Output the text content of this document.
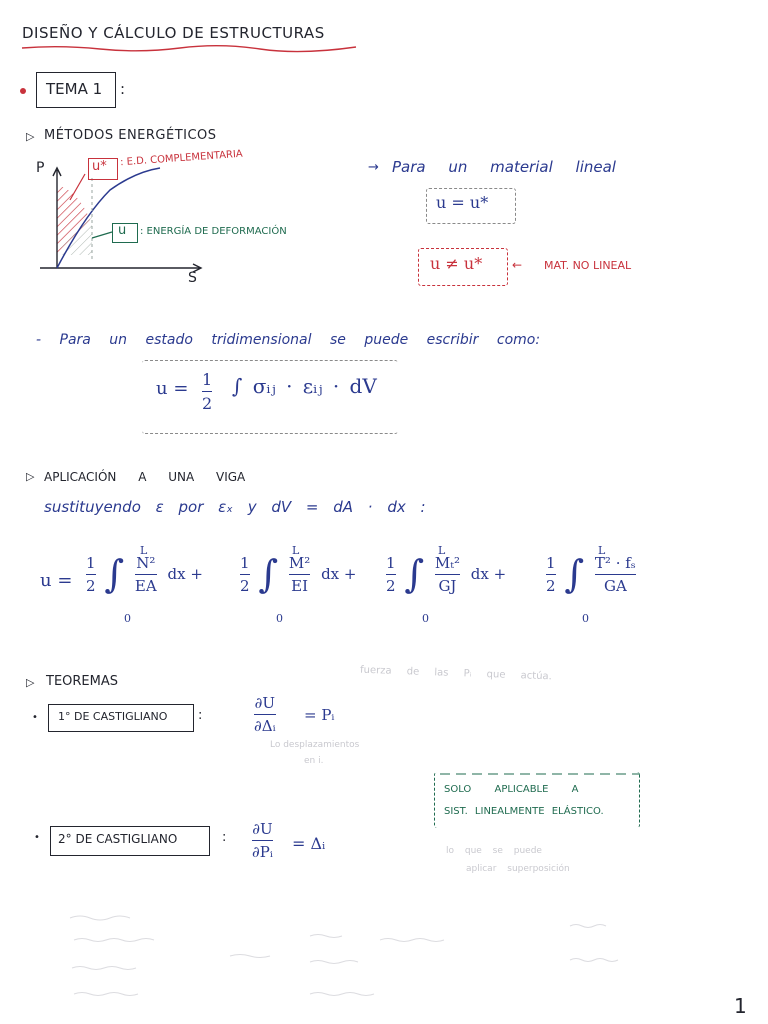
DISEÑO Y CÁLCULO DE ESTRUCTURAS
TEMA 1 :
▷ MÉTODOS ENERGÉTICOS
P
S
u* : E.D. COMPLEMENTARIA
u : ENERGÍA DE DEFORMACIÓN
→ Para un material lineal
u = u*
u ≠ u* ← MAT. NO LINEAL
- Para un estado tridimensional se puede escribir como:
$u = \frac{1}{2}$ ∫ σᵢⱼ · εᵢⱼ · dV
▷ APLICACIÓN A UNA VIGA
sustituyendo ε por εₓ y dV = dA · dx :
$u = \frac{1}{2}$ ∫ $\frac{\text{N²}}{EA}$ dx + $\frac{1}{2}$ ∫ $\frac{\text{M²}}{EI}$ dx + $\frac{1}{2}$ ∫ $\frac{\text{Mₜ²}}{GJ}$ dx +	$\frac{1}{2}$ ∫ $\frac{\text{T² · fₛ}}{GA}$
L
0
L
0
L
0
L
0
▷ TEOREMAS	fuerza de las Pᵢ que actúa.
• 1° DE CASTIGLIANO :	$\frac{\partial U}{\text{∂Δᵢ}}$ = Pᵢ
Lo desplazamientos
en i.
SOLO APLICABLE A
SIST. LINEALMENTE ELÁSTICO.
• 2° DE CASTIGLIANO	: $\frac{\partial U}{\text{∂Pᵢ}}$ = Δᵢ	lo que se puede
aplicar superposición
1
